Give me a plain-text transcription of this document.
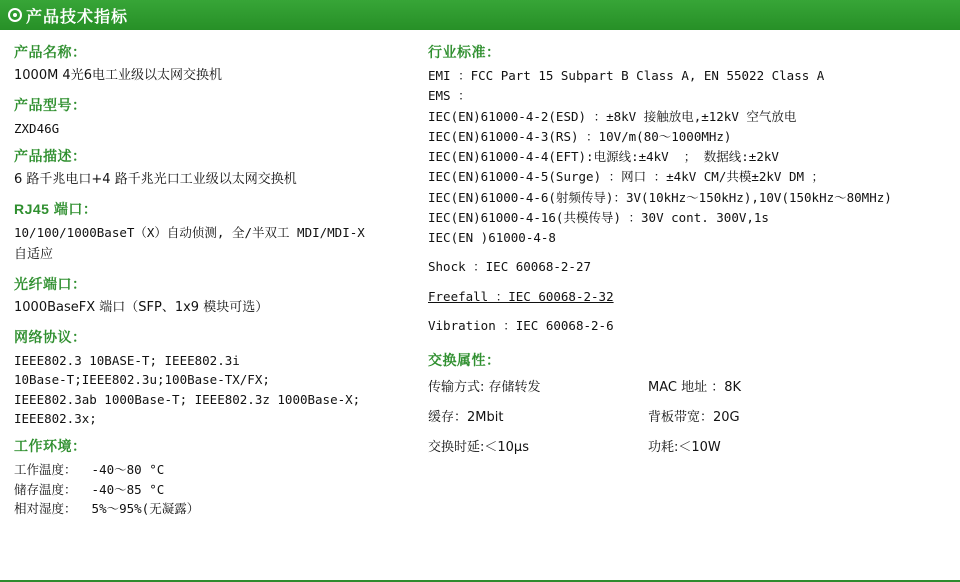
产品技术指标
产品名称：
1000M 4光6电工业级以太网交换机
产品型号：
ZXD46G
产品描述：
6 路千兆电口+4 路千兆光口工业级以太网交换机
RJ45 端口：
10/100/1000BaseT（X）自动侦测, 全/半双工 MDI/MDI-X
自适应
光纤端口：
1000BaseFX 端口（SFP、1x9 模块可选）
网络协议：
IEEE802.3 10BASE-T; IEEE802.3i
10Base-T;IEEE802.3u;100Base-TX/FX;
IEEE802.3ab 1000Base-T; IEEE802.3z 1000Base-X;
IEEE802.3x;
工作环境：
工作温度：  -40～80 °C
储存温度：  -40～85 °C
相对湿度：  5%～95%(无凝露）
行业标准：
EMI ：FCC Part 15 Subpart B Class A, EN 55022 Class A
EMS ：
IEC(EN)61000-4-2(ESD) ：±8kV 接触放电,±12kV 空气放电
IEC(EN)61000-4-3(RS) ：10V/m(80～1000MHz)
IEC(EN)61000-4-4(EFT):电源线:±4kV  ； 数据线:±2kV
IEC(EN)61000-4-5(Surge) ：网口 ：±4kV CM/共模±2kV DM ；
IEC(EN)61000-4-6(射频传导)：3V(10kHz～150kHz),10V(150kHz～80MHz)
IEC(EN)61000-4-16(共模传导) ：30V cont. 300V,1s
IEC(EN )61000-4-8
Shock ：IEC 60068-2-27
Freefall ：IEC 60068-2-32
Vibration ：IEC 60068-2-6
交换属性：
传输方式: 存储转发	MAC 地址 ：8K
缓存：2Mbit	背板带宽：20G
交换时延:＜10μs	功耗:＜10W
